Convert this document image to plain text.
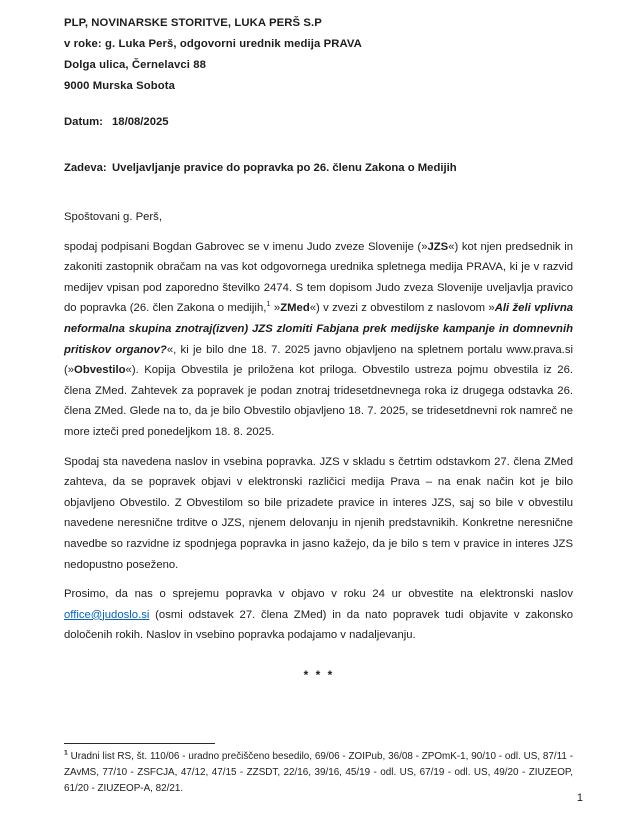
PLP, NOVINARSKE STORITVE, LUKA PERŠ S.P
v roke: g. Luka Perš, odgovorni urednik medija PRAVA
Dolga ulica, Černelavci 88
9000 Murska Sobota
Datum: 18/08/2025
Zadeva: Uveljavljanje pravice do popravka po 26. členu Zakona o Medijih
Spoštovani g. Perš,

spodaj podpisani Bogdan Gabrovec se v imenu Judo zveze Slovenije (»JZS«) kot njen predsednik in zakoniti zastopnik obračam na vas kot odgovornega urednika spletnega medija PRAVA, ki je v razvid medijev vpisan pod zaporedno številko 2474. S tem dopisom Judo zveza Slovenije uveljavlja pravico do popravka (26. člen Zakona o medijih,$^1$ »ZMed«) v zvezi z obvestilom z naslovom »Ali želi vplivna neformalna skupina znotraj(izven) JZS zlomiti Fabjana prek medijske kampanje in domnevnih pritiskov organov?«, ki je bilo dne 18. 7. 2025 javno objavljeno na spletnem portalu www.prava.si (»Obvestilo«). Kopija Obvestila je priložena kot priloga. Obvestilo ustreza pojmu obvestila iz 26. člena ZMed. Zahtevek za popravek je podan znotraj tridesetdnevnega roka iz drugega odstavka 26. člena ZMed. Glede na to, da je bilo Obvestilo objavljeno 18. 7. 2025, se tridesetdnevni rok namreč ne more izteči pred ponedeljkom 18. 8. 2025.

Spodaj sta navedena naslov in vsebina popravka. JZS v skladu s četrtim odstavkom 27. člena ZMed zahteva, da se popravek objavi v elektronski različici medija Prava – na enak način kot je bilo objavljeno Obvestilo. Z Obvestilom so bile prizadete pravice in interes JZS, saj so bile v obvestilu navedene neresnične trditve o JZS, njenem delovanju in njenih predstavnikih. Konkretne neresnične navedbe so razvidne iz spodnjega popravka in jasno kažejo, da je bilo s tem v pravice in interes JZS nedopustno poseženo.

Prosimo, da nas o sprejemu popravka v objavo v roku 24 ur obvestite na elektronski naslov office@judoslo.si (osmi odstavek 27. člena ZMed) in da nato popravek tudi objavite v zakonsko določenih rokih. Naslov in vsebino popravka podajamo v nadaljevanju.

* * *
$^1$ Uradni list RS, št. 110/06 - uradno prečiščeno besedilo, 69/06 - ZOIPub, 36/08 - ZPOmK-1, 90/10 - odl. US, 87/11 - ZAvMS, 77/10 - ZSFCJA, 47/12, 47/15 - ZZSDT, 22/16, 39/16, 45/19 - odl. US, 67/19 - odl. US, 49/20 - ZIUZEOP, 61/20 - ZIUZEOP-A, 82/21.
1
